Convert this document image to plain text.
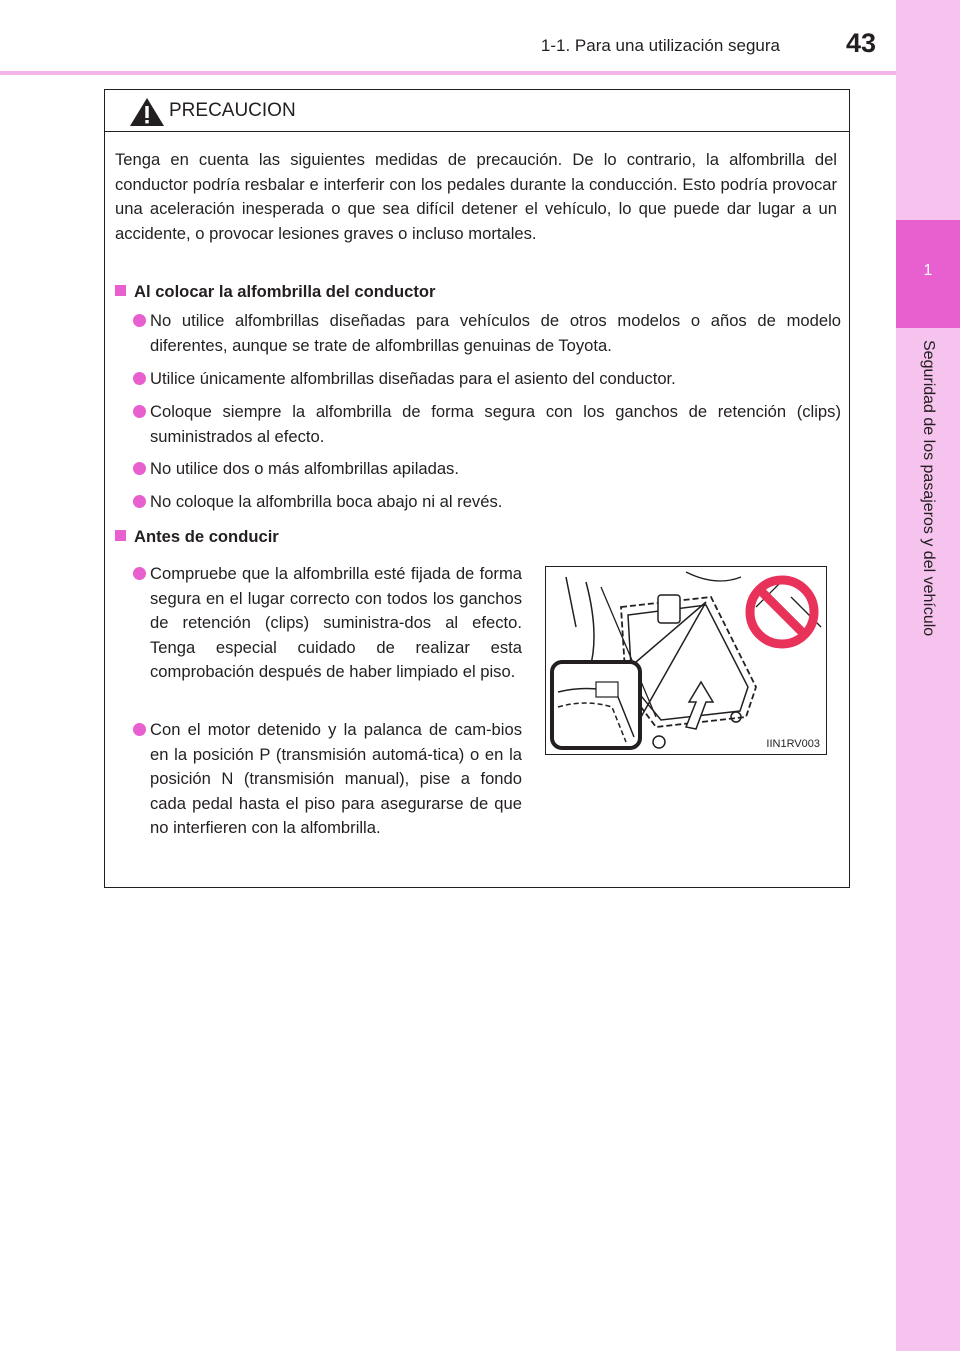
1-1. Para una utilización segura	43
1
Seguridad de los pasajeros y del vehículo
PRECAUCION
Tenga en cuenta las siguientes medidas de precaución. De lo contrario, la alfombrilla del conductor podría resbalar e interferir con los pedales durante la conducción. Esto podría provocar una aceleración inesperada o que sea difícil detener el vehículo, lo que puede dar lugar a un accidente, o provocar lesiones graves o incluso mortales.
Al colocar la alfombrilla del conductor
No utilice alfombrillas diseñadas para vehículos de otros modelos o años de modelo diferentes, aunque se trate de alfombrillas genuinas de Toyota.
Utilice únicamente alfombrillas diseñadas para el asiento del conductor.
Coloque siempre la alfombrilla de forma segura con los ganchos de retención (clips) suministrados al efecto.
No utilice dos o más alfombrillas apiladas.
No coloque la alfombrilla boca abajo ni al revés.
Antes de conducir
Compruebe que la alfombrilla esté fijada de forma segura en el lugar correcto con todos los ganchos de retención (clips) suministra-dos al efecto. Tenga especial cuidado de realizar esta comprobación después de haber limpiado el piso.
Con el motor detenido y la palanca de cam-bios en la posición P (transmisión automá-tica) o en la posición N (transmisión manual), pise a fondo cada pedal hasta el piso para asegurarse de que no interfieren con la alfombrilla.
IIN1RV003
